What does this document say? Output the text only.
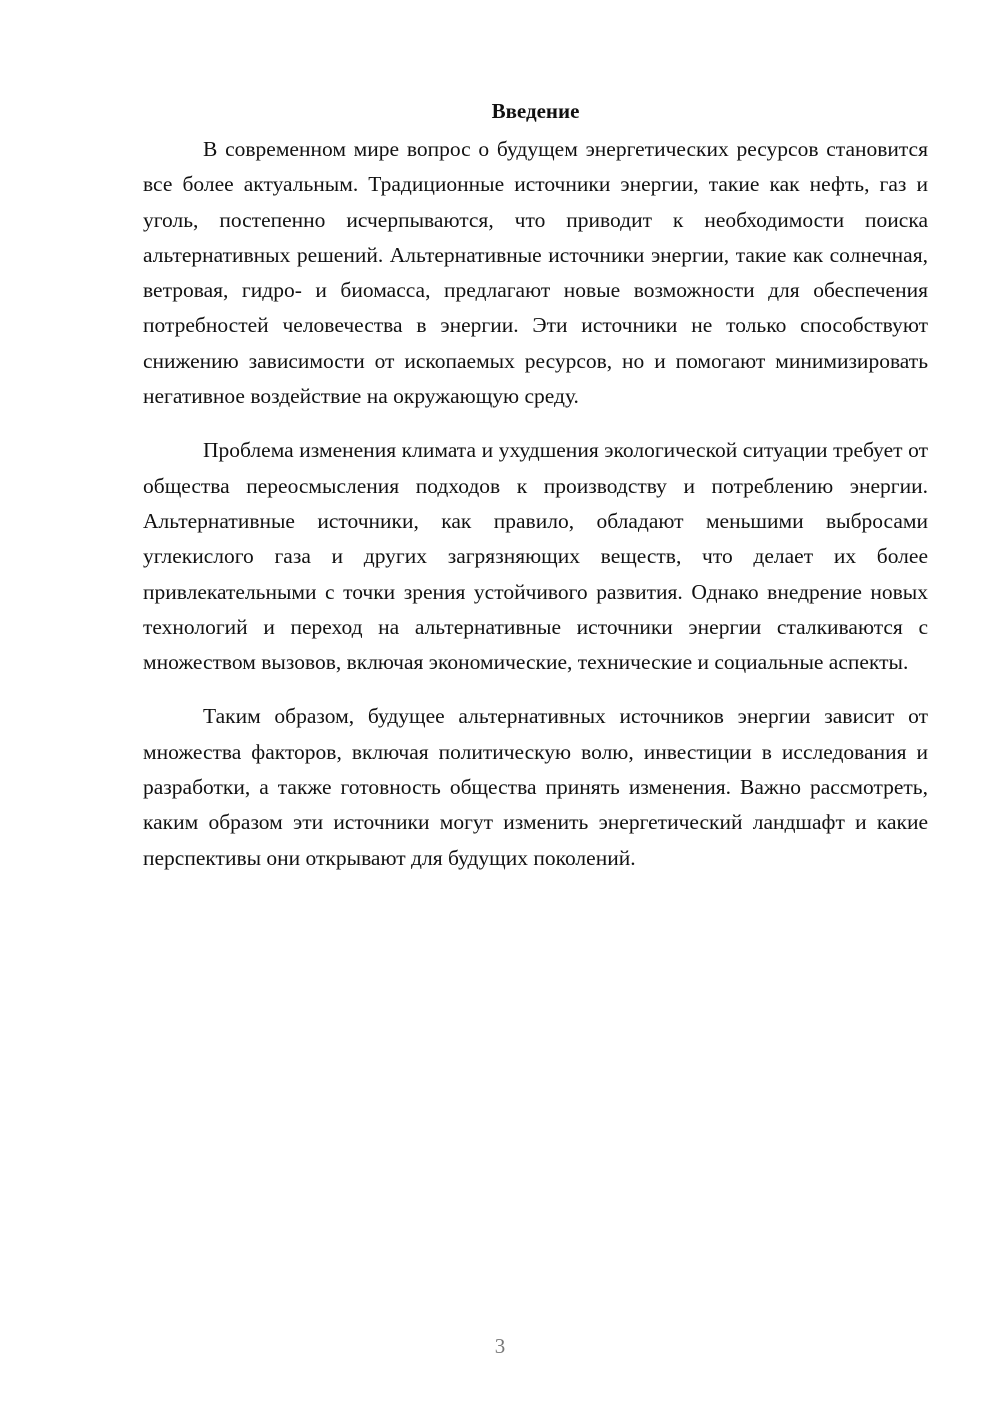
Введение

В современном мире вопрос о будущем энергетических ресурсов становится все более актуальным. Традиционные источники энергии, такие как нефть, газ и уголь, постепенно исчерпываются, что приводит к необходимости поиска альтернативных решений. Альтернативные источники энергии, такие как солнечная, ветровая, гидро- и биомасса, предлагают новые возможности для обеспечения потребностей человечества в энергии. Эти источники не только способствуют снижению зависимости от ископаемых ресурсов, но и помогают минимизировать негативное воздействие на окружающую среду.

Проблема изменения климата и ухудшения экологической ситуации требует от общества переосмысления подходов к производству и потреблению энергии. Альтернативные источники, как правило, обладают меньшими выбросами углекислого газа и других загрязняющих веществ, что делает их более привлекательными с точки зрения устойчивого развития. Однако внедрение новых технологий и переход на альтернативные источники энергии сталкиваются с множеством вызовов, включая экономические, технические и социальные аспекты.

Таким образом, будущее альтернативных источников энергии зависит от множества факторов, включая политическую волю, инвестиции в исследования и разработки, а также готовность общества принять изменения. Важно рассмотреть, каким образом эти источники могут изменить энергетический ландшафт и какие перспективы они открывают для будущих поколений.

3
